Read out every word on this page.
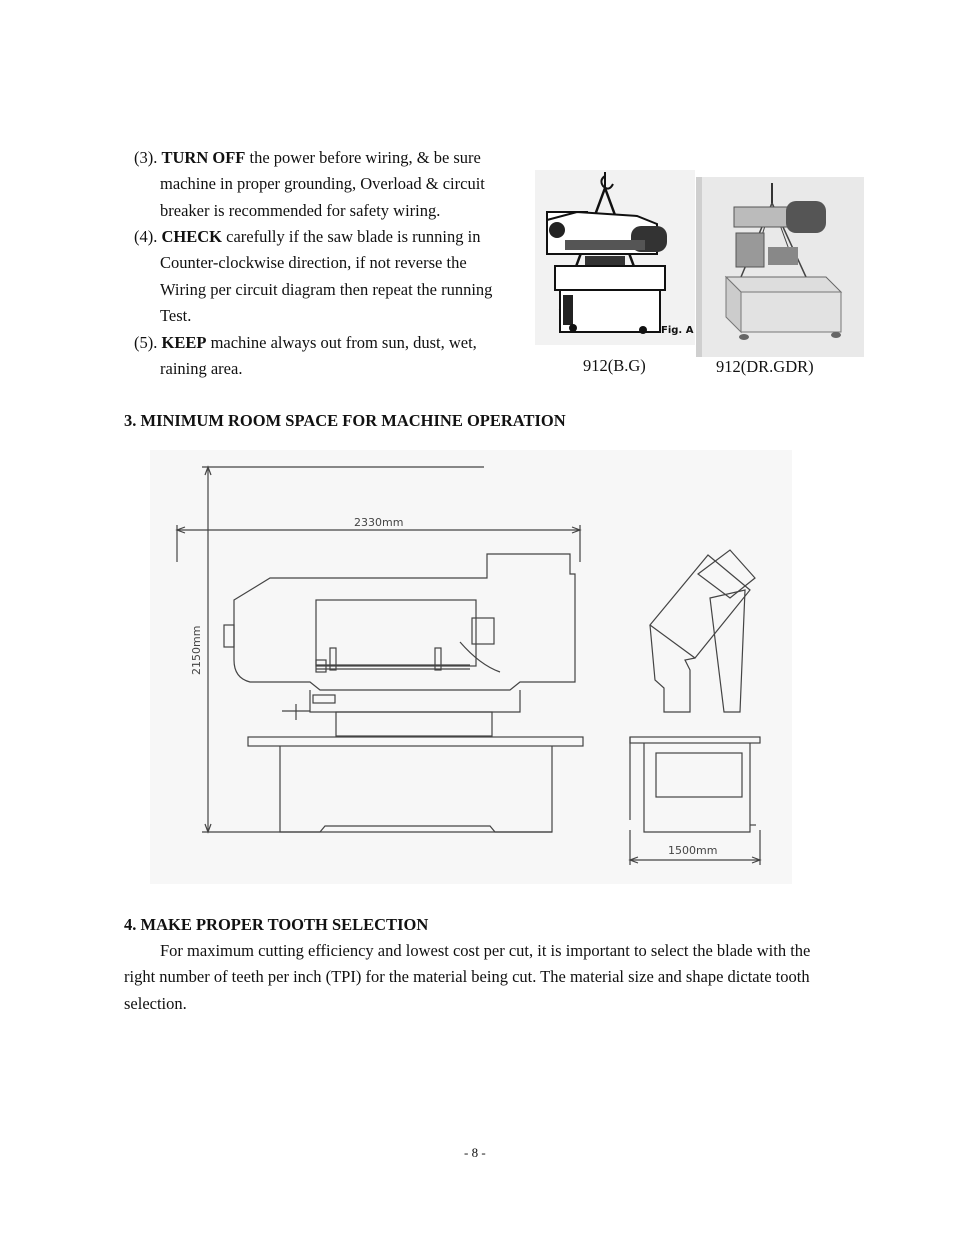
(3). TURN OFF the power before wiring, & be sure
machine in proper grounding, Overload & circuit
breaker is recommended for safety wiring.
(4). CHECK carefully if the saw blade is running in
Counter-clockwise direction, if not reverse the
Wiring per circuit diagram then repeat the running
Test.
(5). KEEP machine always out from sun, dust, wet,
raining area.
Fig. A
912(B.G)	912(DR.GDR)
3. MINIMUM ROOM SPACE FOR MACHINE OPERATION
2330mm
2150mm
1500mm
4. MAKE PROPER TOOTH SELECTION
For maximum cutting efficiency and lowest cost per cut, it is important to select the blade with the right number of teeth per inch (TPI) for the material being cut. The material size and shape dictate tooth selection.
- 8 -
